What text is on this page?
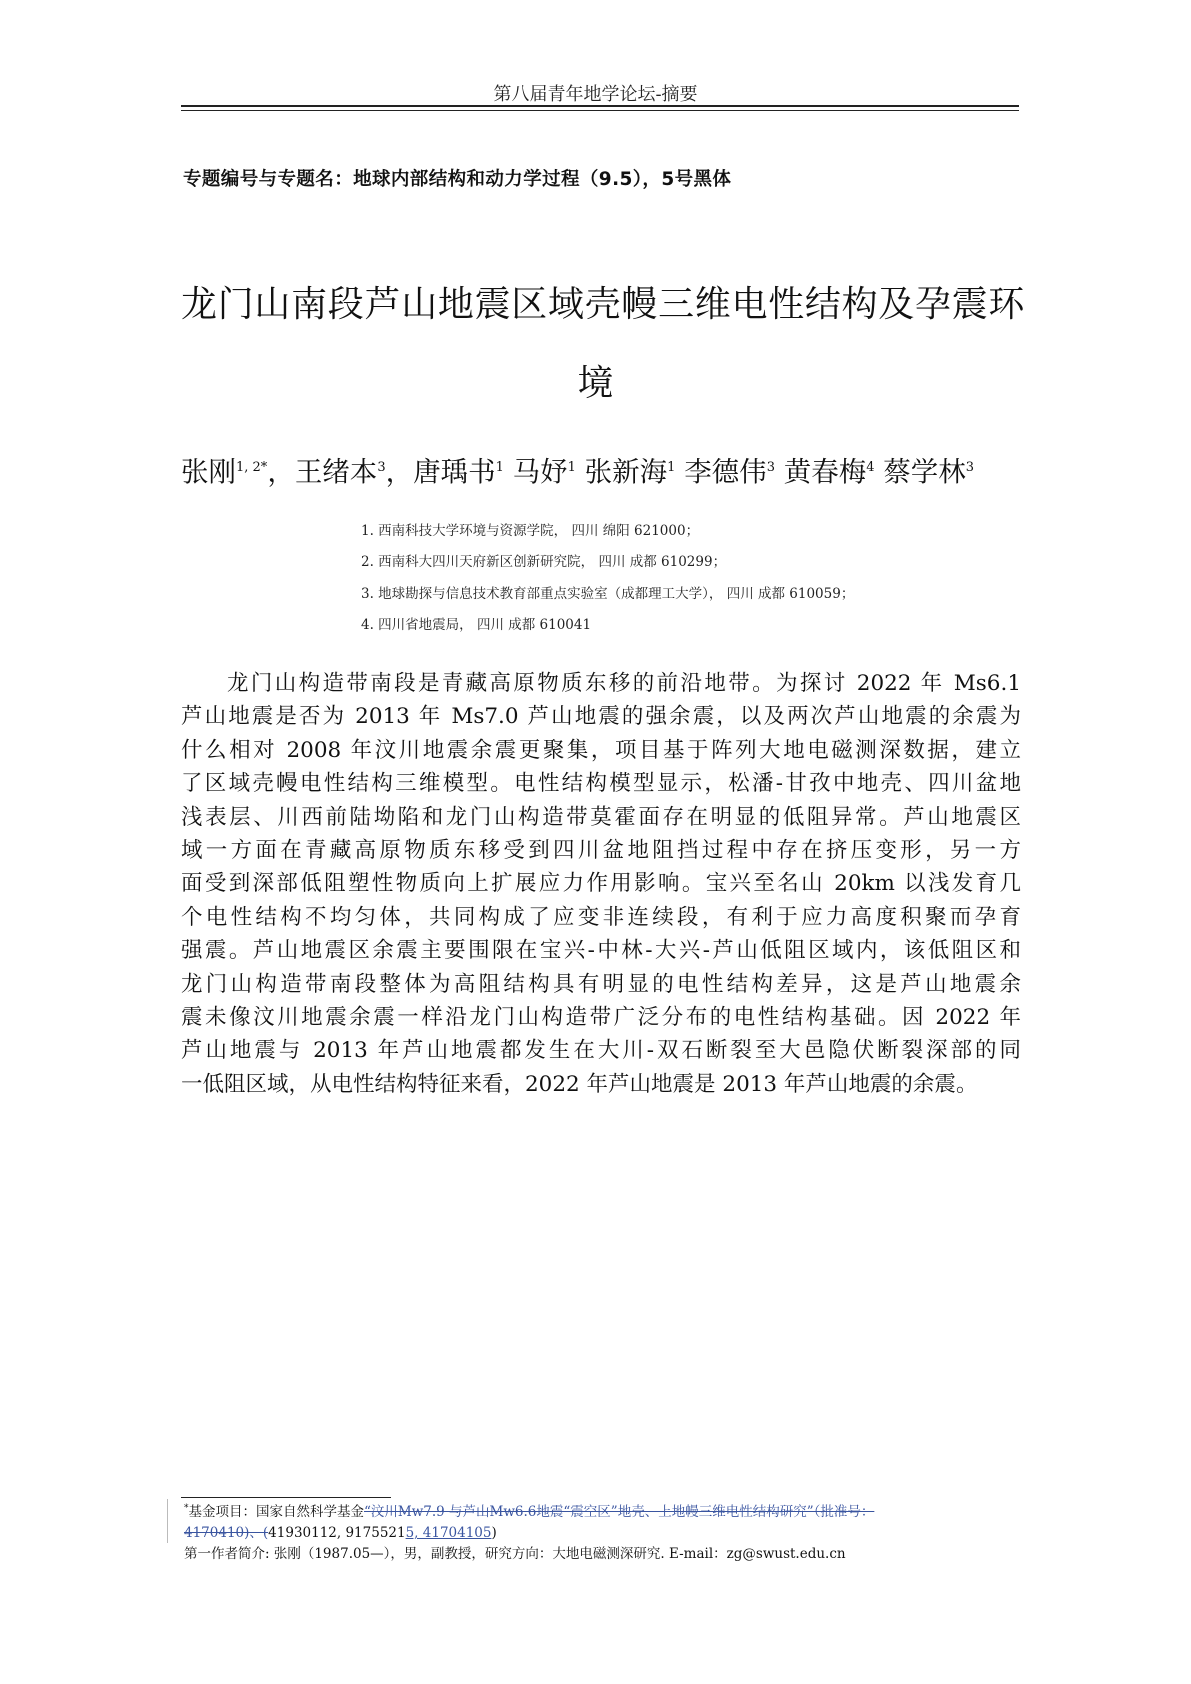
第八届青年地学论坛-摘要
专题编号与专题名：地球内部结构和动力学过程（9.5），5号黑体
龙门山南段芦山地震区域壳幔三维电性结构及孕震环
境
张刚$^{1, 2*}$，王绪本$^3$，唐瑀书$^1$ 马妤$^1$ 张新海$^1$ 李德伟$^3$ 黄春梅$^4$ 蔡学林$^3$
1. 西南科技大学环境与资源学院， 四川 绵阳 621000；
2. 西南科大四川天府新区创新研究院， 四川 成都 610299；
3. 地球勘探与信息技术教育部重点实验室（成都理工大学）， 四川 成都 610059；
4. 四川省地震局， 四川 成都 610041
龙门山构造带南段是青藏高原物质东移的前沿地带。为探讨 2022 年 Ms6.1
芦山地震是否为 2013 年 Ms7.0 芦山地震的强余震，以及两次芦山地震的余震为
什么相对 2008 年汶川地震余震更聚集，项目基于阵列大地电磁测深数据，建立
了区域壳幔电性结构三维模型。电性结构模型显示，松潘-甘孜中地壳、四川盆地
浅表层、川西前陆坳陷和龙门山构造带莫霍面存在明显的低阻异常。芦山地震区
域一方面在青藏高原物质东移受到四川盆地阻挡过程中存在挤压变形，另一方
面受到深部低阻塑性物质向上扩展应力作用影响。宝兴至名山 20km 以浅发育几
个电性结构不均匀体，共同构成了应变非连续段，有利于应力高度积聚而孕育
强震。芦山地震区余震主要围限在宝兴-中林-大兴-芦山低阻区域内，该低阻区和
龙门山构造带南段整体为高阻结构具有明显的电性结构差异，这是芦山地震余
震未像汶川地震余震一样沿龙门山构造带广泛分布的电性结构基础。因 2022 年
芦山地震与 2013 年芦山地震都发生在大川-双石断裂至大邑隐伏断裂深部的同
一低阻区域，从电性结构特征来看，2022 年芦山地震是 2013 年芦山地震的余震。
*基金项目：国家自然科学基金“汶川Mw7.9 与芦山Mw6.6地震“震空区”地壳、上地幔三维电性结构研究”（批准号：
4170410)、(41930112, 91755215, 41704105)
第一作者简介: 张刚（1987.05—），男，副教授，研究方向：大地电磁测深研究. E-mail：zg@swust.edu.cn
